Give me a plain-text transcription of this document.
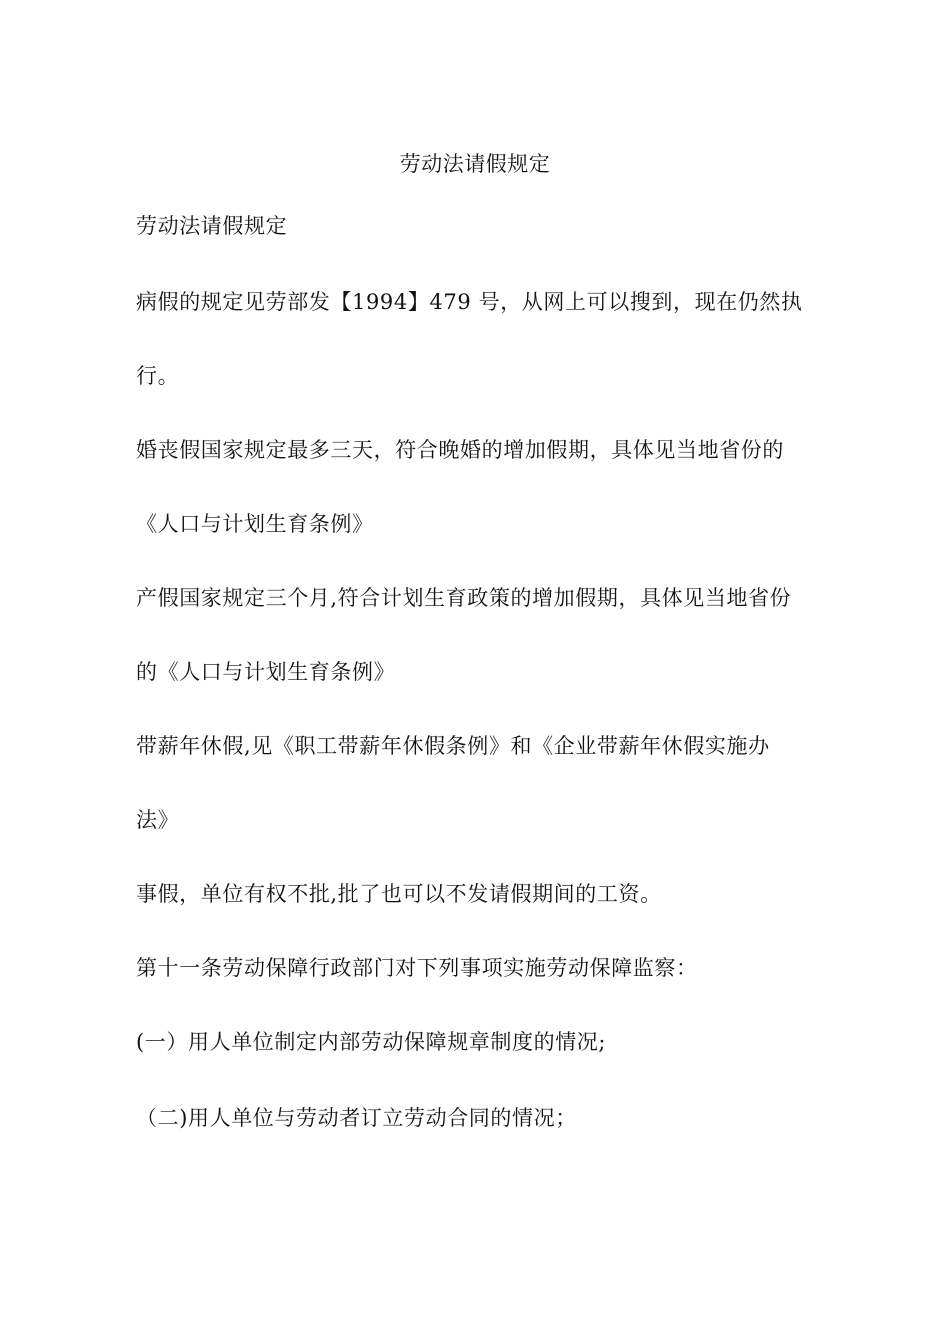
劳动法请假规定
劳动法请假规定
病假的规定见劳部发【1994】479 号，从网上可以搜到，现在仍然执
行。
婚丧假国家规定最多三天，符合晚婚的增加假期，具体见当地省份的
《人口与计划生育条例》
产假国家规定三个月,符合计划生育政策的增加假期，具体见当地省份
的《人口与计划生育条例》
带薪年休假,见《职工带薪年休假条例》和《企业带薪年休假实施办
法》
事假，单位有权不批,批了也可以不发请假期间的工资。
第十一条劳动保障行政部门对下列事项实施劳动保障监察：
(一）用人单位制定内部劳动保障规章制度的情况;
（二)用人单位与劳动者订立劳动合同的情况；
